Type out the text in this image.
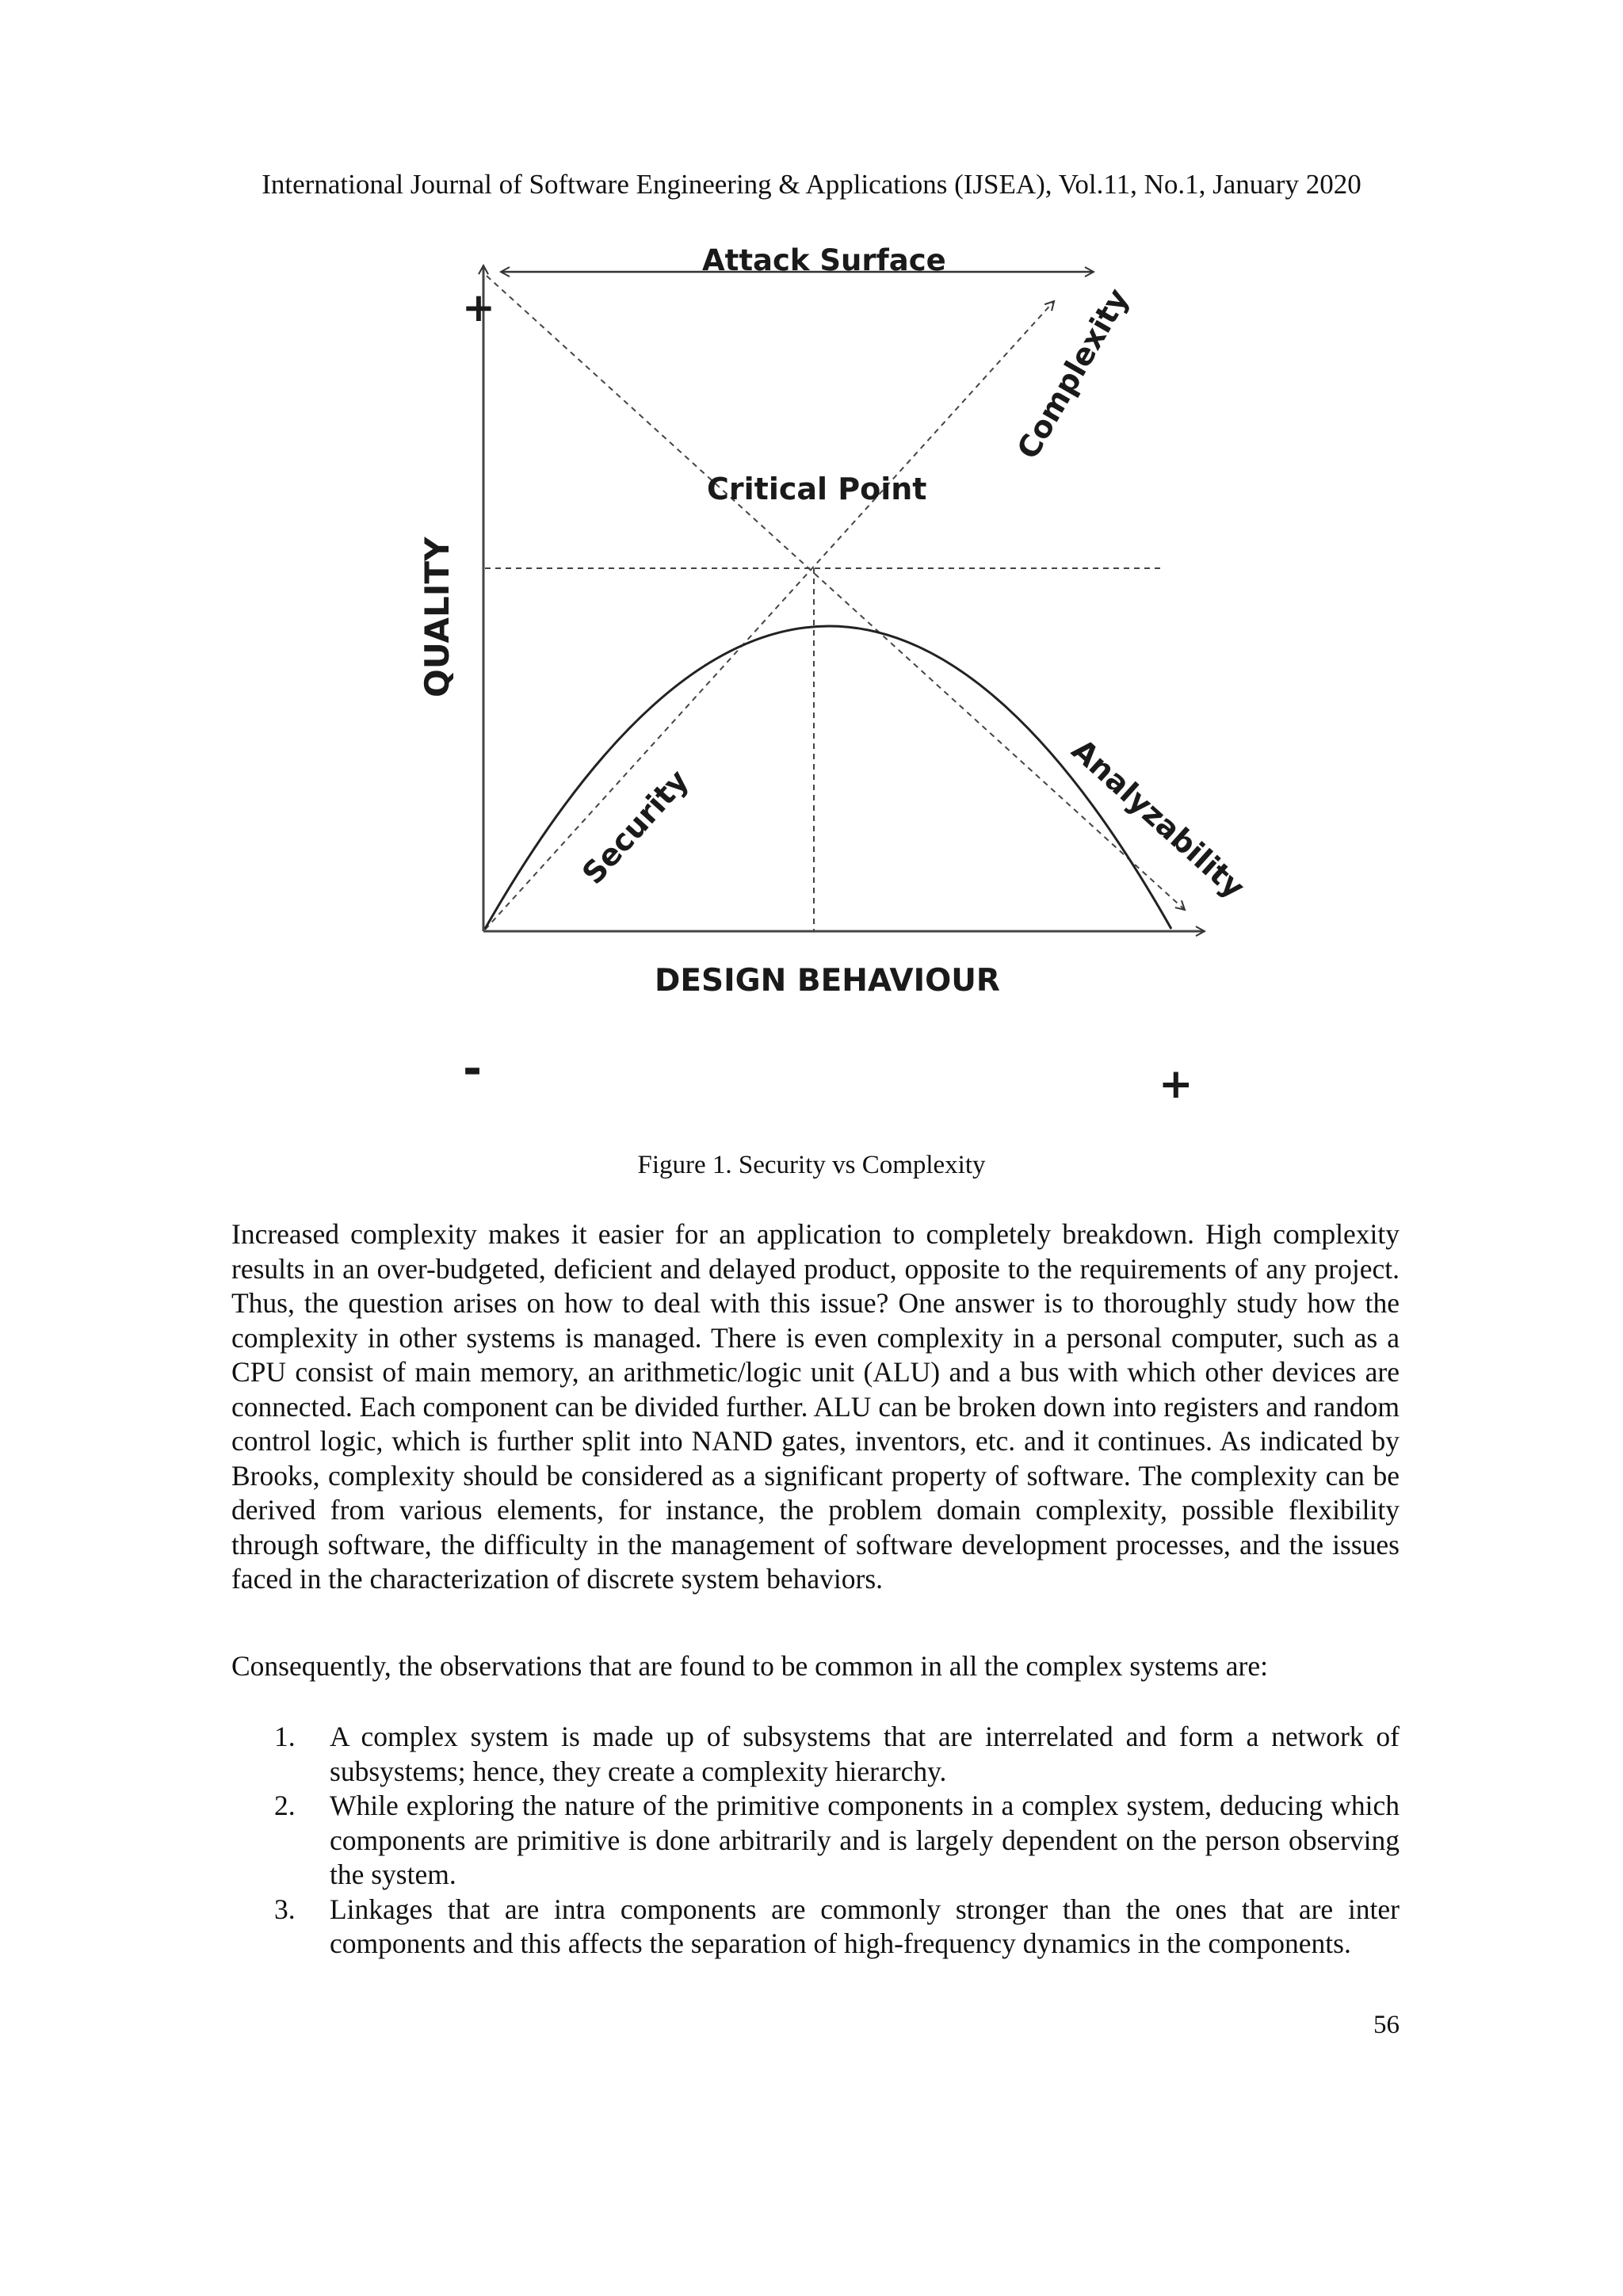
International Journal of Software Engineering & Applications (IJSEA), Vol.11, No.1, January 2020
Attack Surface
+	Complexity
Critical Point
QUALITY
Security	Analyzability
DESIGN BEHAVIOUR
-	+
Figure 1. Security vs Complexity

Increased complexity makes it easier for an application to completely breakdown. High complexity results in an over-budgeted, deficient and delayed product, opposite to the requirements of any project. Thus, the question arises on how to deal with this issue? One answer is to thoroughly study how the complexity in other systems is managed. There is even complexity in a personal computer, such as a CPU consist of main memory, an arithmetic/logic unit (ALU) and a bus with which other devices are connected. Each component can be divided further. ALU can be broken down into registers and random control logic, which is further split into NAND gates, inventors, etc. and it continues. As indicated by Brooks, complexity should be considered as a significant property of software. The complexity can be derived from various elements, for instance, the problem domain complexity, possible flexibility through software, the difficulty in the management of software development processes, and the issues faced in the characterization of discrete system behaviors.

Consequently, the observations that are found to be common in all the complex systems are:

1. A complex system is made up of subsystems that are interrelated and form a network of subsystems; hence, they create a complexity hierarchy.
2. While exploring the nature of the primitive components in a complex system, deducing which components are primitive is done arbitrarily and is largely dependent on the person observing the system.
3. Linkages that are intra components are commonly stronger than the ones that are inter components and this affects the separation of high-frequency dynamics in the components.
56
